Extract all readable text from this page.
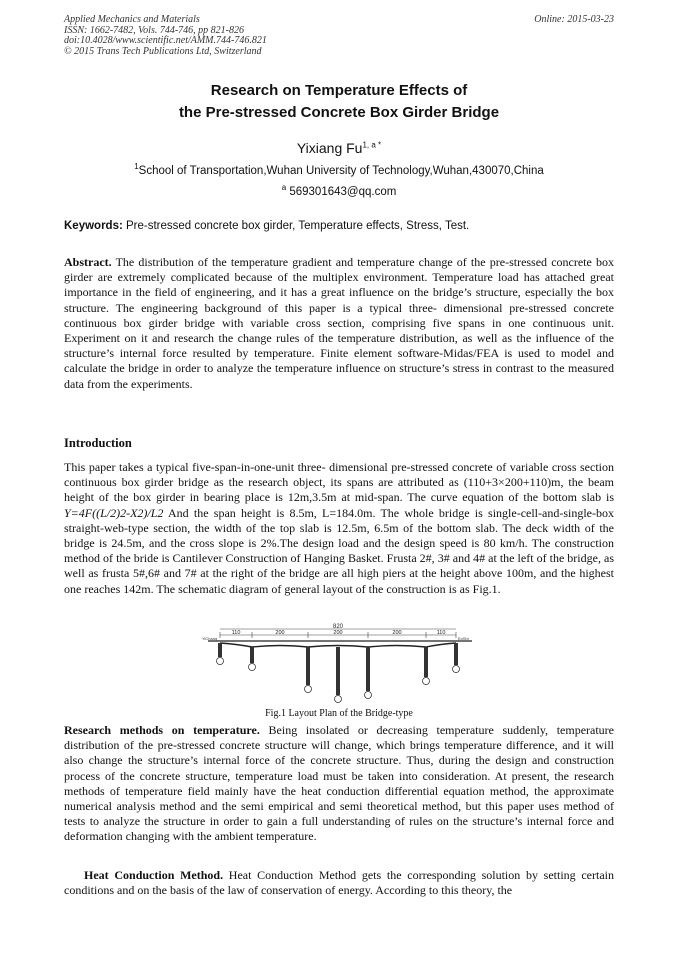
Applied Mechanics and Materials
ISSN: 1662-7482, Vols. 744-746, pp 821-826
doi:10.4028/www.scientific.net/AMM.744-746.821
© 2015 Trans Tech Publications Ltd, Switzerland
Online: 2015-03-23
Research on Temperature Effects of
the Pre-stressed Concrete Box Girder Bridge
Yixiang $Fu^{1, a *}$
$^1$School of Transportation,Wuhan University of Technology,Wuhan,430070,China
$^a$ 569301643@qq.com
Keywords: Pre-stressed concrete box girder, Temperature effects, Stress, Test.

Abstract. The distribution of the temperature gradient and temperature change of the pre-stressed concrete box girder are extremely complicated because of the multiplex environment. Temperature load has attached great importance in the field of engineering, and it has a great influence on the bridge’s structure, especially the box structure. The engineering background of this paper is a typical three- dimensional pre-stressed concrete continuous box girder bridge with variable cross section, comprising five spans in one continuous unit. Experiment on it and research the change rules of the temperature distribution, as well as the influence of the structure’s internal force resulted by temperature. Finite element software-Midas/FEA is used to model and calculate the bridge in order to analyze the temperature influence on structure’s stress in contrast to the measured data from the experiments.

Introduction

This paper takes a typical five-span-in-one-unit three- dimensional pre-stressed concrete of variable cross section continuous box girder bridge as the research object, its spans are attributed as (110+3×200+110)m, the beam height of the box girder in bearing place is 12m,3.5m at mid-span. The curve equation of the bottom slab is Y=4F((L/2)2-X2)/L2 And the span height is 8.5m, L=184.0m. The whole bridge is single-cell-and-single-box straight-web-type section, the width of the top slab is 12.5m, 6.5m of the bottom slab. The deck width of the bridge is 24.5m, and the cross slope is 2%.The design load and the design speed is 80 km/h. The construction method of the bride is Cantilever Construction of Hanging Basket. Frusta 2#, 3# and 4# at the left of the bridge, as well as frusta 5#,6# and 7# at the right of the bridge are all high piers at the height above 100m, and the highest one reaches 142m. The schematic diagram of general layout of the construction is as Fig.1.

820
110	200	200	200	110
YiChang	EnShi
Fig.1 Layout Plan of the Bridge-type

Research methods on temperature. Being insolated or decreasing temperature suddenly, temperature distribution of the pre-stressed concrete structure will change, which brings temperature difference, and it will also change the structure’s internal force of the concrete structure. Thus, during the design and construction process of the concrete structure, temperature load must be taken into consideration. At present, the research methods of temperature field mainly have the heat conduction differential equation method, the approximate numerical analysis method and the semi empirical and semi theoretical method, but this paper uses method of tests to analyze the structure in order to gain a full understanding of rules on the structure’s internal force and deformation changing with the ambient temperature.

Heat Conduction Method. Heat Conduction Method gets the corresponding solution by setting certain conditions and on the basis of the law of conservation of energy. According to this theory, the
